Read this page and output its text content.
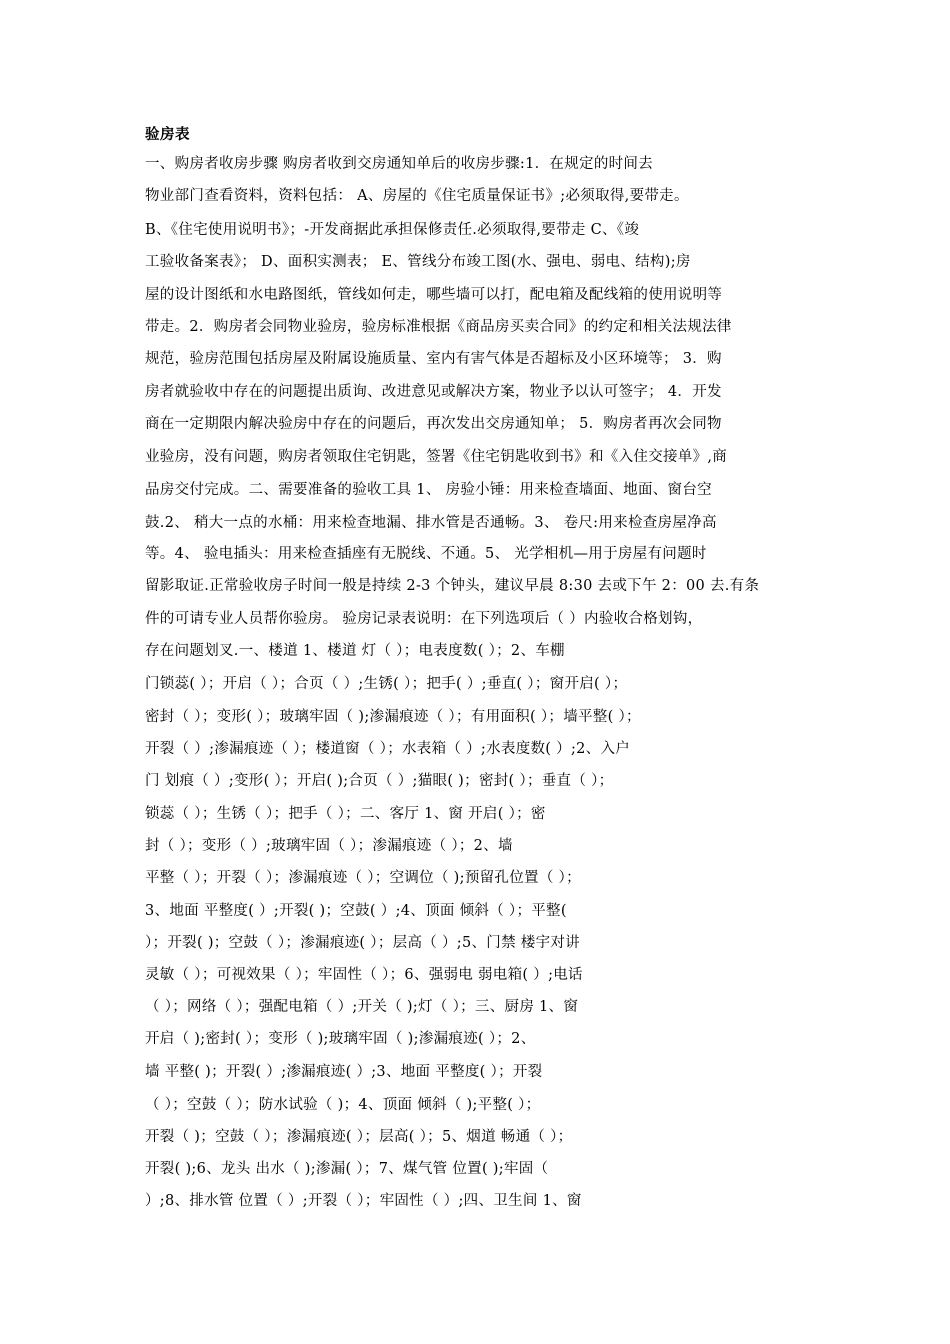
验房表
一、购房者收房步骤 购房者收到交房通知单后的收房步骤:1．在规定的时间去
物业部门查看资料，资料包括： A、房屋的《住宅质量保证书》;必须取得,要带走。
B、《住宅使用说明书》；-开发商据此承担保修责任.必须取得,要带走 C、《竣
工验收备案表》； D、面积实测表； E、管线分布竣工图(水、强电、弱电、结构);房
屋的设计图纸和水电路图纸，管线如何走，哪些墙可以打，配电箱及配线箱的使用说明等
带走。2．购房者会同物业验房，验房标准根据《商品房买卖合同》的约定和相关法规法律
规范，验房范围包括房屋及附属设施质量、室内有害气体是否超标及小区环境等； 3．购
房者就验收中存在的问题提出质询、改进意见或解决方案，物业予以认可签字； 4．开发
商在一定期限内解决验房中存在的问题后，再次发出交房通知单； 5．购房者再次会同物
业验房，没有问题，购房者领取住宅钥匙，签署《住宅钥匙收到书》和《入住交接单》,商
品房交付完成。二、需要准备的验收工具 1、 房验小锤：用来检查墙面、地面、窗台空
鼓.2、 稍大一点的水桶：用来检查地漏、排水管是否通畅。3、 卷尺:用来检查房屋净高
等。4、 验电插头：用来检查插座有无脱线、不通。5、 光学相机—用于房屋有问题时
留影取证.正常验收房子时间一般是持续 2-3 个钟头，建议早晨 8:30 去或下午 2：00 去.有条
件的可请专业人员帮你验房。 验房记录表说明：在下列选项后（ ）内验收合格划钩，
存在问题划叉.一、楼道 1、楼道 灯（ ）；电表度数( ）；2、车棚
门锁蕊( ）；开启（ ）；合页（ ）;生锈( ）；把手( ）;垂直( ）；窗开启( ）；
密封（ ）；变形( ）；玻璃牢固（ );渗漏痕迹（ ）；有用面积( ）；墙平整( ）；
开裂（ ）;渗漏痕迹（ ）；楼道窗（ ）；水表箱（ ）;水表度数( ）;2、入户
门 划痕（ ）;变形( ）；开启( );合页（ ）;猫眼( )；密封( ）；垂直（ ）；
锁蕊（ ）；生锈（ ）；把手（ ）；二、客厅 1、窗 开启( ）；密
封（ ）；变形（ ）;玻璃牢固（ ）；渗漏痕迹（ ）；2、墙
平整（ ）；开裂（ ）；渗漏痕迹（ ）；空调位（ );预留孔位置（ ）；
3、地面 平整度( ）;开裂( )；空鼓( ）;4、顶面 倾斜（ ）；平整(
）；开裂( )；空鼓（ ）；渗漏痕迹( ）；层高（ ）;5、门禁 楼宇对讲
灵敏（ ）；可视效果（ ）；牢固性（ ）；6、强弱电 弱电箱( ）;电话
（ ）；网络（ ）；强配电箱（ ）;开关（ );灯（ ）；三、厨房 1、窗
开启（ );密封( ）；变形（ );玻璃牢固（ );渗漏痕迹( ）；2、
墙 平整( )；开裂( ）;渗漏痕迹( ）;3、地面 平整度( ）；开裂
（ ）；空鼓（ ）；防水试验（ )；4、顶面 倾斜（ );平整( ）；
开裂（ )；空鼓（ ）；渗漏痕迹( ）；层高( ）；5、烟道 畅通（ ）；
开裂( );6、龙头 出水（ );渗漏( ）；7、煤气管 位置( );牢固（
）;8、排水管 位置（ ）;开裂（ ）；牢固性（ ）;四、卫生间 1、窗
